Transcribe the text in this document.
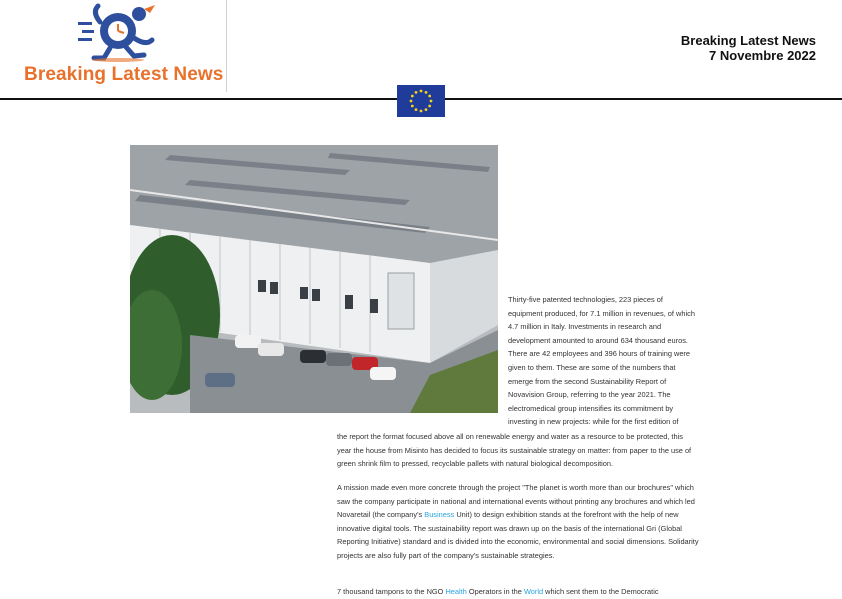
Breaking Latest News
Breaking Latest News
7 Novembre 2022
Thirty-five patented technologies, 223 pieces of equipment produced, for 7.1 million in revenues, of which 4.7 million in Italy. Investments in research and development amounted to around 634 thousand euros. There are 42 employees and 396 hours of training were given to them. These are some of the numbers that emerge from the second Sustainability Report of Novavision Group, referring to the year 2021. The electromedical group intensifies its commitment by investing in new projects: while for the first edition of
the report the format focused above all on renewable energy and water as a resource to be protected, this year the house from Misinto has decided to focus its sustainable strategy on matter: from paper to the use of green shrink film to pressed, recyclable pallets with natural biological decomposition.
A mission made even more concrete through the project "The planet is worth more than our brochures" which saw the company participate in national and international events without printing any brochures and which led Novaretail (the company's Business Unit) to design exhibition stands at the forefront with the help of new innovative digital tools. The sustainability report was drawn up on the basis of the international Gri (Global Reporting Initiative) standard and is divided into the economic, environmental and social dimensions. Solidarity projects are also fully part of the company's sustainable strategies.
7 thousand tampons to the NGO Health Operators in the World which sent them to the Democratic
